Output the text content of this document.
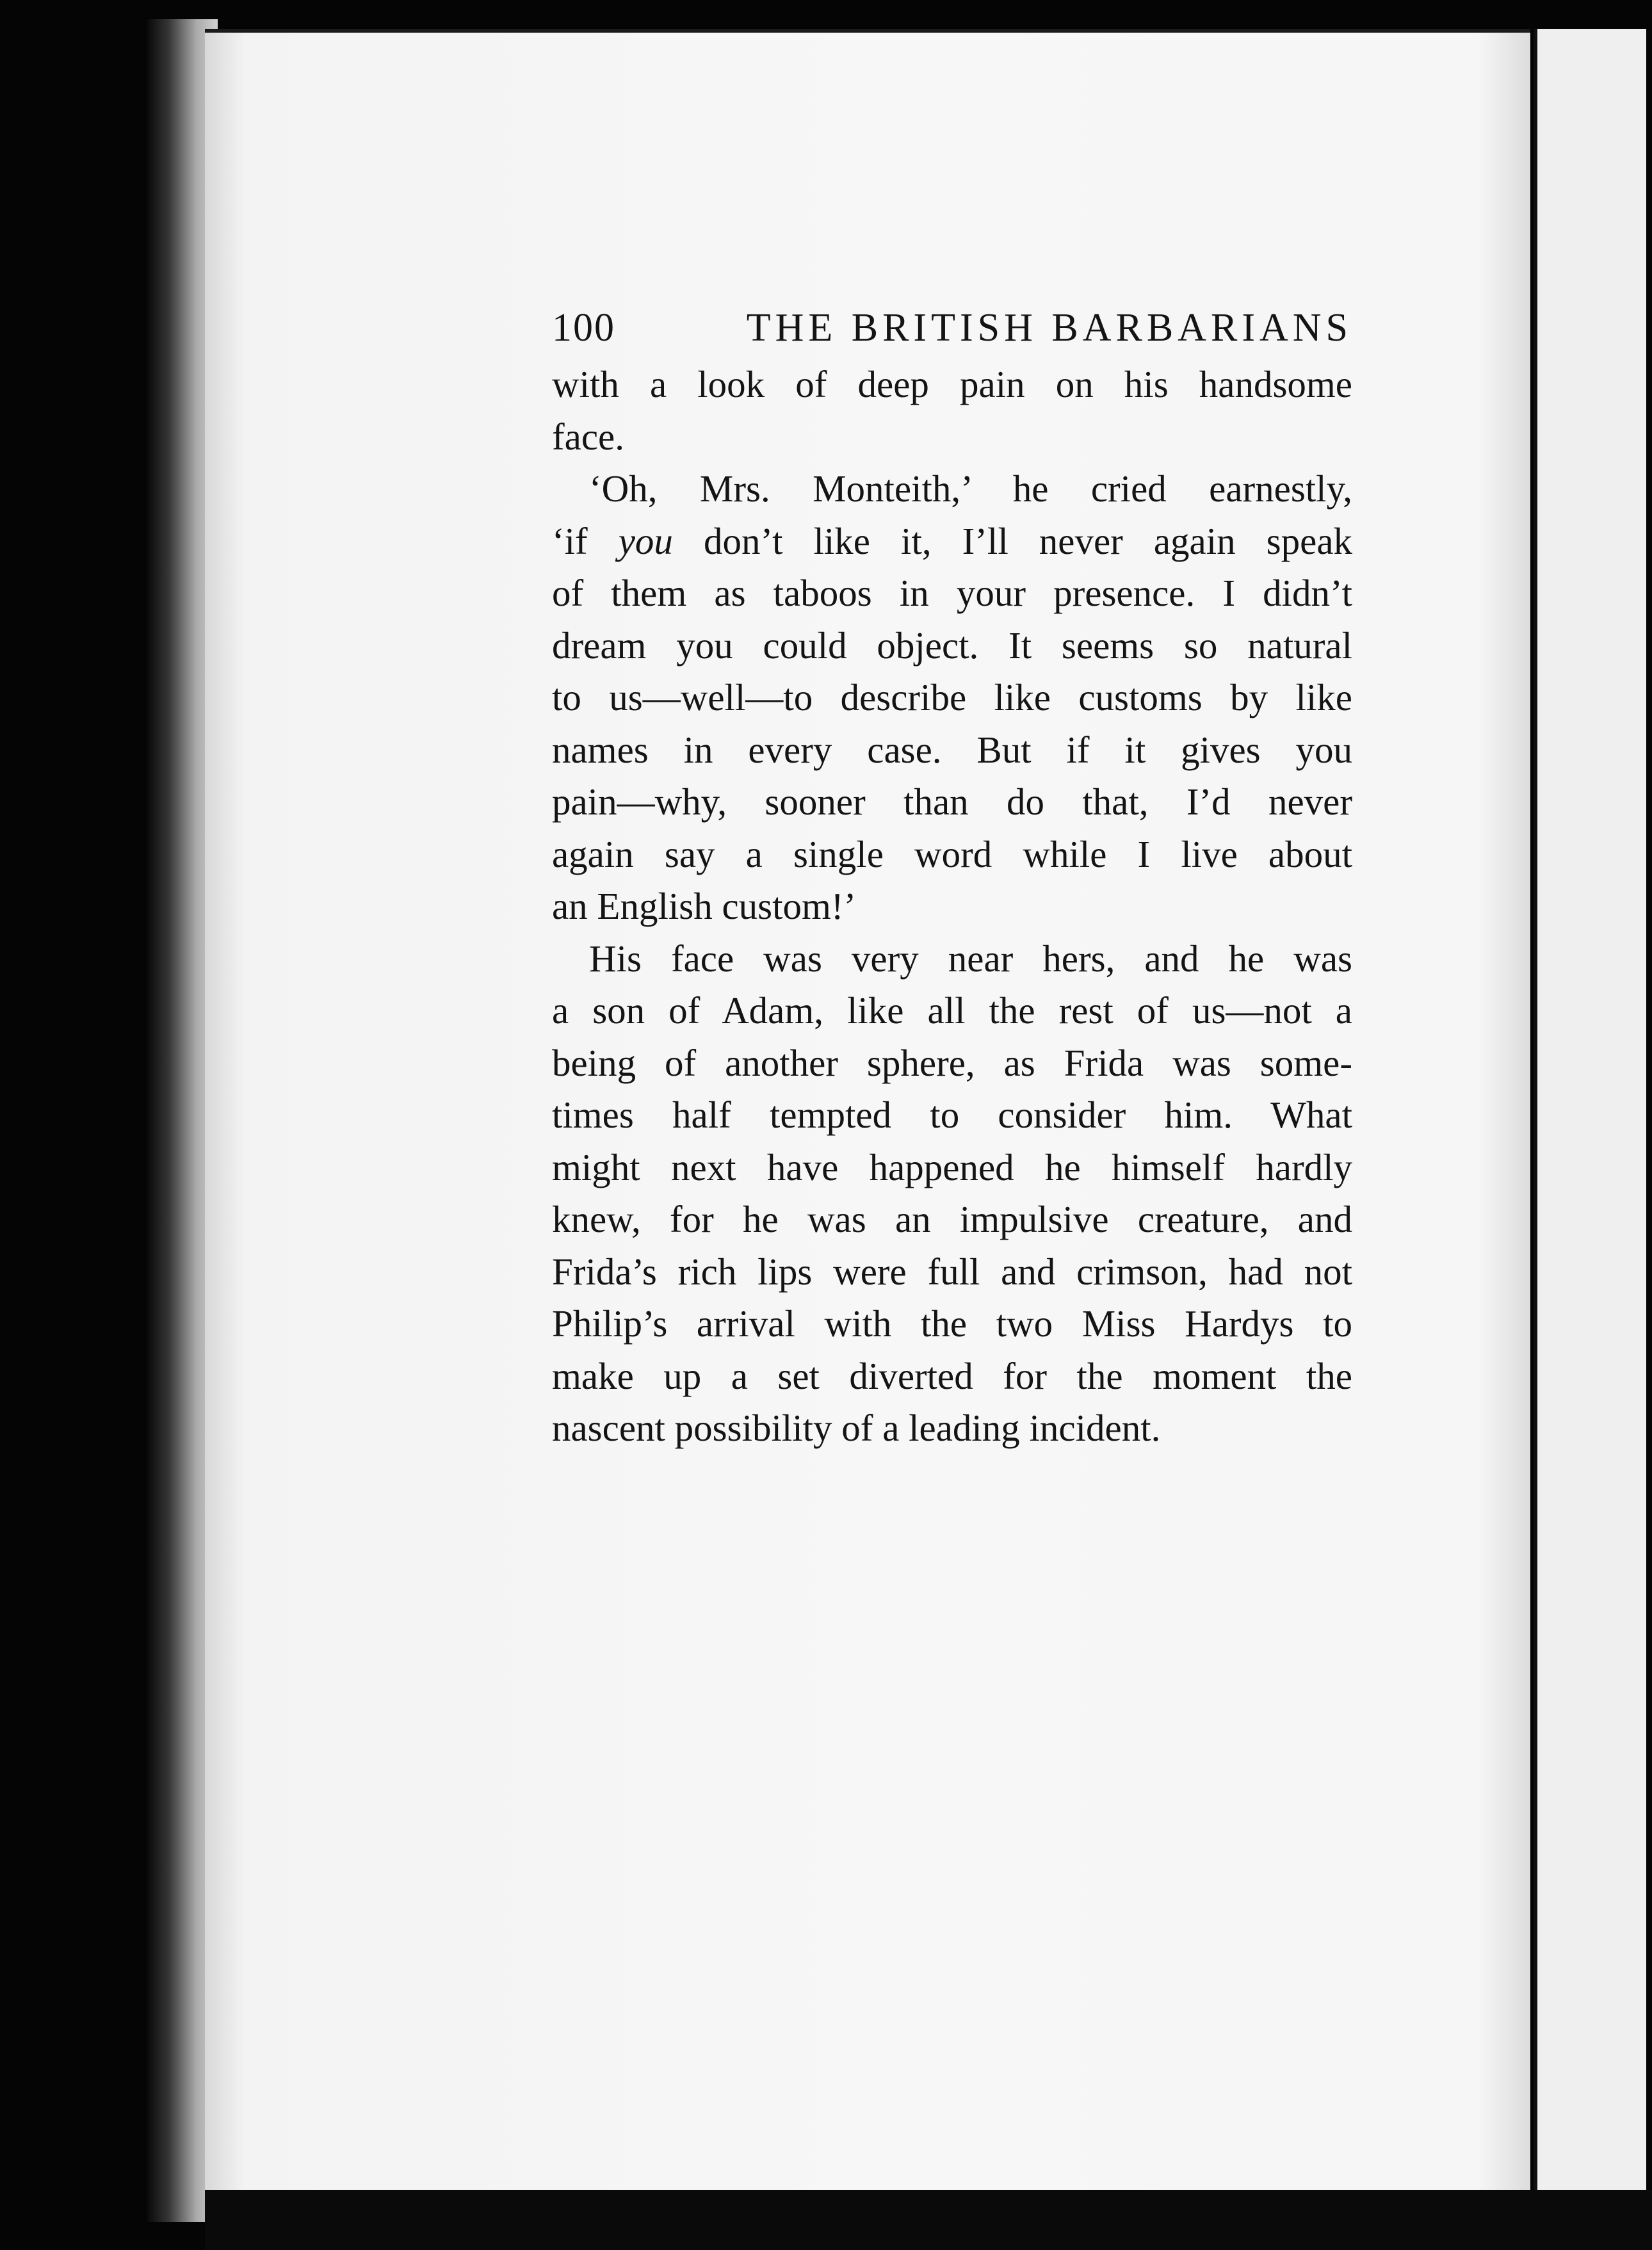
100	THE BRITISH BARBARIANS
with a look of deep pain on his handsome
face.
‘Oh, Mrs. Monteith,’ he cried earnestly,
‘if you don’t like it, I’ll never again speak
of them as taboos in your presence. I didn’t
dream you could object. It seems so natural
to us—well—to describe like customs by like
names in every case. But if it gives you
pain—why, sooner than do that, I’d never
again say a single word while I live about
an English custom!’
His face was very near hers, and he was
a son of Adam, like all the rest of us—not a
being of another sphere, as Frida was some-
times half tempted to consider him. What
might next have happened he himself hardly
knew, for he was an impulsive creature, and
Frida’s rich lips were full and crimson, had not
Philip’s arrival with the two Miss Hardys to
make up a set diverted for the moment the
nascent possibility of a leading incident.
